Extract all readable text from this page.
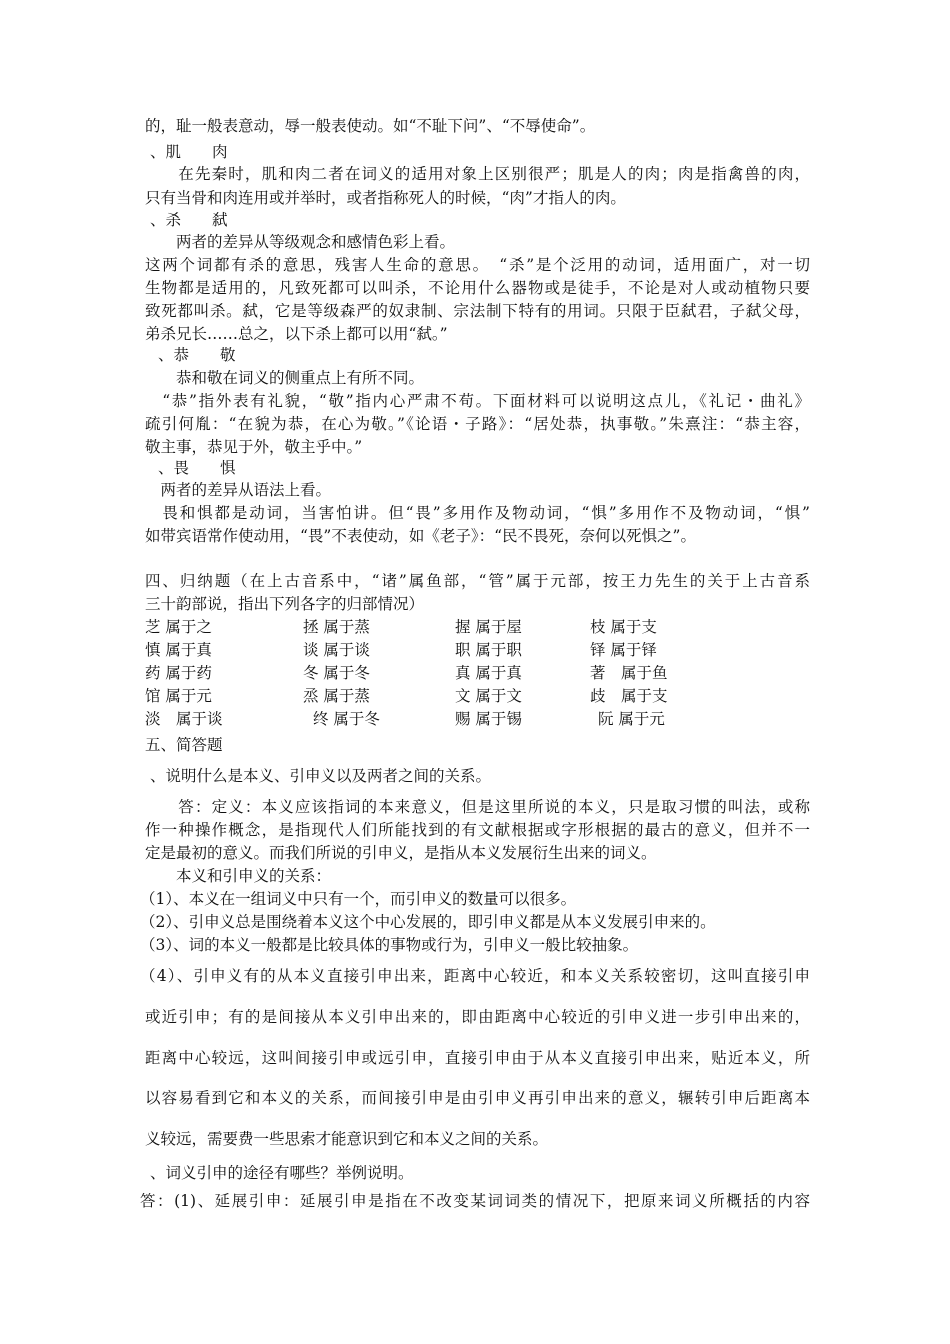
的，耻一般表意动，辱一般表使动。如“不耻下问”、“不辱使命”。
、肌　　肉
　　在先秦时，肌和肉二者在词义的适用对象上区别很严；肌是人的肉；肉是指禽兽的肉，
只有当骨和肉连用或并举时，或者指称死人的时候，“肉”才指人的肉。
、杀　　弑
　　两者的差异从等级观念和感情色彩上看。
这两个词都有杀的意思，残害人生命的意思。　“杀”是个泛用的动词，适用面广，对一切
生物都是适用的，凡致死都可以叫杀，不论用什么器物或是徒手，不论是对人或动植物只要
致死都叫杀。弑，它是等级森严的奴隶制、宗法制下特有的用词。只限于臣弑君，子弑父母，
弟杀兄长……总之，以下杀上都可以用“弑。”
、恭　　敬
　　恭和敬在词义的侧重点上有所不同。
　“恭”指外表有礼貌，“敬”指内心严肃不苟。下面材料可以说明这点儿，《礼记・曲礼》
疏引何胤：“在貌为恭，在心为敬。”《论语・子路》：“居处恭，执事敬。”朱熹注：“恭主容，
敬主事，恭见于外，敬主乎中。”
、畏　　惧
　两者的差异从语法上看。
　畏和惧都是动词，当害怕讲。但“畏”多用作及物动词，“惧”多用作不及物动词，“惧”
如带宾语常作使动用，“畏”不表使动，如《老子》：“民不畏死，奈何以死惧之”。
四、归纳题（在上古音系中，“诸”属鱼部，“管”属于元部，按王力先生的关于上古音系
三十韵部说，指出下列各字的归部情况）
芝 属于之	拯 属于蒸	握 属于屋	枝 属于支
慎 属于真	谈 属于谈	职 属于职	铎 属于铎
药 属于药	冬 属于冬	真 属于真	著　属于鱼
馆 属于元	烝 属于蒸	文 属于文	歧　属于支
淡　属于谈	终 属于冬	赐 属于锡	阮 属于元
五、简答题
、说明什么是本义、引申义以及两者之间的关系。
　　答：定义：本义应该指词的本来意义，但是这里所说的本义，只是取习惯的叫法，或称
作一种操作概念，是指现代人们所能找到的有文献根据或字形根据的最古的意义，但并不一
定是最初的意义。而我们所说的引申义，是指从本义发展衍生出来的词义。
　　本义和引申义的关系：
（1）、本义在一组词义中只有一个，而引申义的数量可以很多。
（2）、引申义总是围绕着本义这个中心发展的，即引申义都是从本义发展引申来的。
（3）、词的本义一般都是比较具体的事物或行为，引申义一般比较抽象。
（4）、引申义有的从本义直接引申出来，距离中心较近，和本义关系较密切，这叫直接引申
或近引申；有的是间接从本义引申出来的，即由距离中心较近的引申义进一步引申出来的，
距离中心较远，这叫间接引申或远引申，直接引申由于从本义直接引申出来，贴近本义，所
以容易看到它和本义的关系，而间接引申是由引申义再引申出来的意义，辗转引申后距离本
义较远，需要费一些思索才能意识到它和本义之间的关系。
、词义引申的途径有哪些？举例说明。
答：(1)、延展引申：延展引申是指在不改变某词词类的情况下，把原来词义所概括的内容
